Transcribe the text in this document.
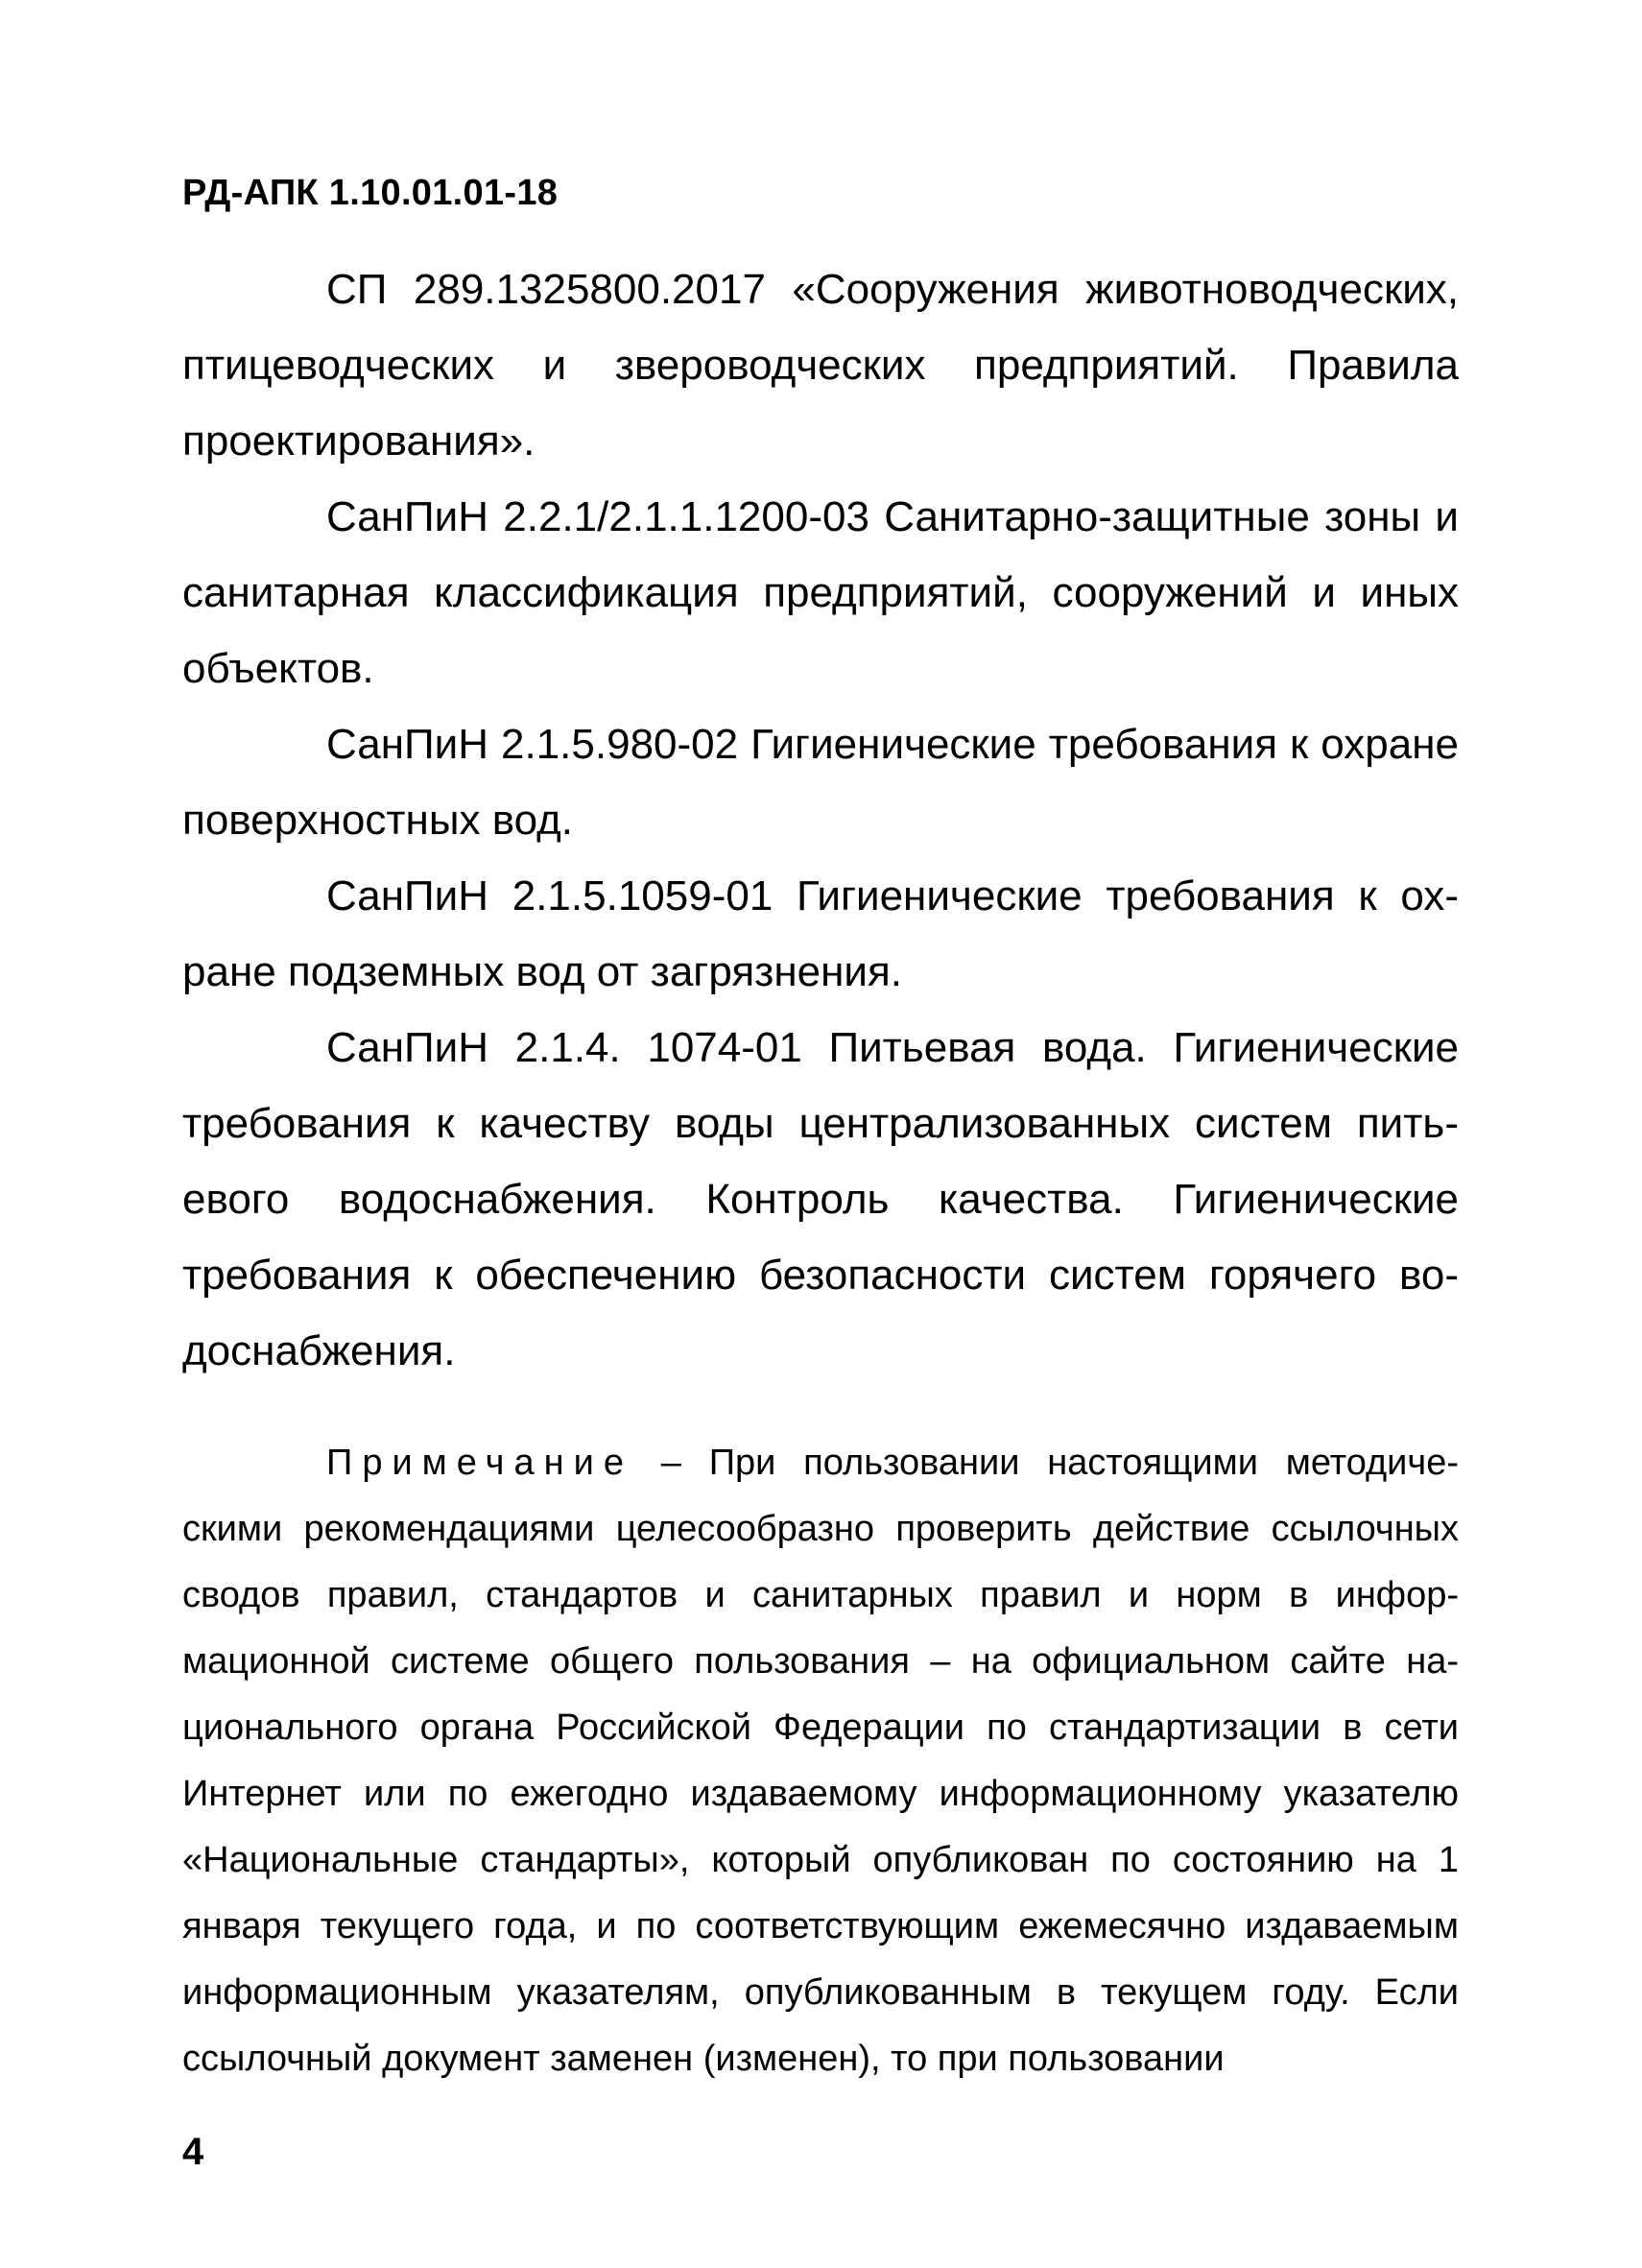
РД-АПК 1.10.01.01-18

СП 289.1325800.2017 «Сооружения животноводческих, птицеводческих и звероводческих предприятий. Правила проектирования».

СанПиН 2.2.1/2.1.1.1200-03 Санитарно-защитные зоны и санитарная классификация предприятий, сооружений и иных объектов.

СанПиН 2.1.5.980-02 Гигиенические требования к охране поверхностных вод.

СанПиН 2.1.5.1059-01 Гигиенические требования к охране подземных вод от загрязнения.

СанПиН 2.1.4. 1074-01 Питьевая вода. Гигиенические требования к качеству воды централизованных систем питьевого водоснабжения. Контроль качества. Гигиенические требования к обеспечению безопасности систем горячего водоснабжения.

Примечание – При пользовании настоящими методическими рекомендациями целесообразно проверить действие ссылочных сводов правил, стандартов и санитарных правил и норм в информационной системе общего пользования – на официальном сайте национального органа Российской Федерации по стандартизации в сети Интернет или по ежегодно издаваемому информационному указателю «Национальные стандарты», который опубликован по состоянию на 1 января текущего года, и по соответствующим ежемесячно издаваемым информационным указателям, опубликованным в текущем году. Если ссылочный документ заменен (изменен), то при пользовании

4
